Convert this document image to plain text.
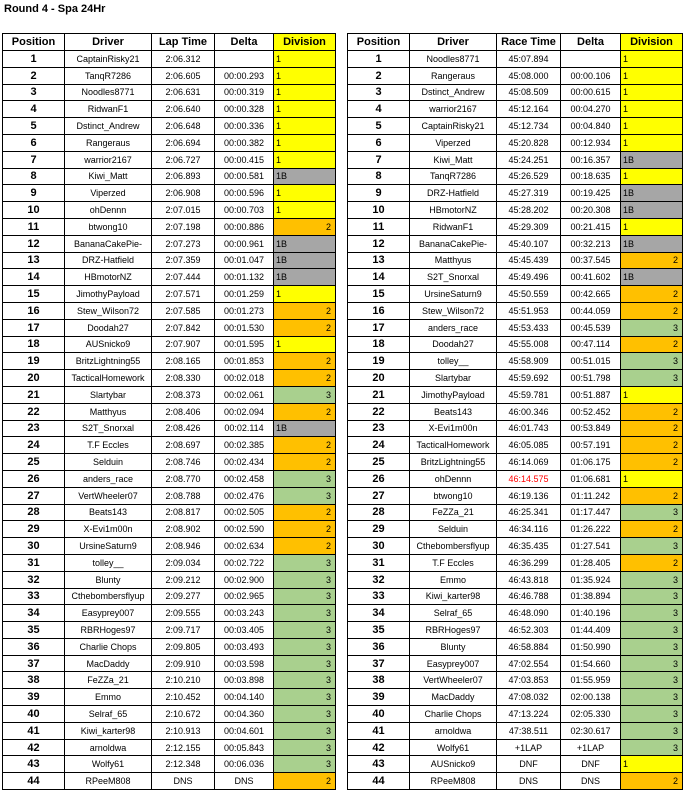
Round 4 - Spa 24Hr
Position	Driver	Lap Time	Delta	Division
1	CaptainRisky21	2:06.312		1
2	TanqR7286	2:06.605	00:00.293	1
3	Noodles8771	2:06.631	00:00.319	1
4	RidwanF1	2:06.640	00:00.328	1
5	Dstinct_Andrew	2:06.648	00:00.336	1
6	Rangeraus	2:06.694	00:00.382	1
7	warrior2167	2:06.727	00:00.415	1
8	Kiwi_Matt	2:06.893	00:00.581	1B
9	Viperzed	2:06.908	00:00.596	1
10	ohDennn	2:07.015	00:00.703	1
11	btwong10	2:07.198	00:00.886	2
12	BananaCakePie-	2:07.273	00:00.961	1B
13	DRZ-Hatfield	2:07.359	00:01.047	1B
14	HBmotorNZ	2:07.444	00:01.132	1B
15	JimothyPayload	2:07.571	00:01.259	1
16	Stew_Wilson72	2:07.585	00:01.273	2
17	Doodah27	2:07.842	00:01.530	2
18	AUSnicko9	2:07.907	00:01.595	1
19	BritzLightning55	2:08.165	00:01.853	2
20	TacticalHomework	2:08.330	00:02.018	2
21	Slartybar	2:08.373	00:02.061	3
22	Matthyus	2:08.406	00:02.094	2
23	S2T_Snorxal	2:08.426	00:02.114	1B
24	T.F Eccles	2:08.697	00:02.385	2
25	Selduin	2:08.746	00:02.434	2
26	anders_race	2:08.770	00:02.458	3
27	VertWheeler07	2:08.788	00:02.476	3
28	Beats143	2:08.817	00:02.505	2
29	X-Evi1m00n	2:08.902	00:02.590	2
30	UrsineSaturn9	2:08.946	00:02.634	2
31	tolley__	2:09.034	00:02.722	3
32	Blunty	2:09.212	00:02.900	3
33	Cthebombersflyup	2:09.277	00:02.965	3
34	Easyprey007	2:09.555	00:03.243	3
35	RBRHoges97	2:09.717	00:03.405	3
36	Charlie Chops	2:09.805	00:03.493	3
37	MacDaddy	2:09.910	00:03.598	3
38	FeZZa_21	2:10.210	00:03.898	3
39	Emmo	2:10.452	00:04.140	3
40	Selraf_65	2:10.672	00:04.360	3
41	Kiwi_karter98	2:10.913	00:04.601	3
42	arnoldwa	2:12.155	00:05.843	3
43	Wolfy61	2:12.348	00:06.036	3
44	RPeeM808	DNS	DNS	2
Position	Driver	Race Time	Delta	Division
1	Noodles8771	45:07.894		1
2	Rangeraus	45:08.000	00:00.106	1
3	Dstinct_Andrew	45:08.509	00:00.615	1
4	warrior2167	45:12.164	00:04.270	1
5	CaptainRisky21	45:12.734	00:04.840	1
6	Viperzed	45:20.828	00:12.934	1
7	Kiwi_Matt	45:24.251	00:16.357	1B
8	TanqR7286	45:26.529	00:18.635	1
9	DRZ-Hatfield	45:27.319	00:19.425	1B
10	HBmotorNZ	45:28.202	00:20.308	1B
11	RidwanF1	45:29.309	00:21.415	1
12	BananaCakePie-	45:40.107	00:32.213	1B
13	Matthyus	45:45.439	00:37.545	2
14	S2T_Snorxal	45:49.496	00:41.602	1B
15	UrsineSaturn9	45:50.559	00:42.665	2
16	Stew_Wilson72	45:51.953	00:44.059	2
17	anders_race	45:53.433	00:45.539	3
18	Doodah27	45:55.008	00:47.114	2
19	tolley__	45:58.909	00:51.015	3
20	Slartybar	45:59.692	00:51.798	3
21	JimothyPayload	45:59.781	00:51.887	1
22	Beats143	46:00.346	00:52.452	2
23	X-Evi1m00n	46:01.743	00:53.849	2
24	TacticalHomework	46:05.085	00:57.191	2
25	BritzLightning55	46:14.069	01:06.175	2
26	ohDennn	46:14.575	01:06.681	1
27	btwong10	46:19.136	01:11.242	2
28	FeZZa_21	46:25.341	01:17.447	3
29	Selduin	46:34.116	01:26.222	2
30	Cthebombersflyup	46:35.435	01:27.541	3
31	T.F Eccles	46:36.299	01:28.405	2
32	Emmo	46:43.818	01:35.924	3
33	Kiwi_karter98	46:46.788	01:38.894	3
34	Selraf_65	46:48.090	01:40.196	3
35	RBRHoges97	46:52.303	01:44.409	3
36	Blunty	46:58.884	01:50.990	3
37	Easyprey007	47:02.554	01:54.660	3
38	VertWheeler07	47:03.853	01:55.959	3
39	MacDaddy	47:08.032	02:00.138	3
40	Charlie Chops	47:13.224	02:05.330	3
41	arnoldwa	47:38.511	02:30.617	3
42	Wolfy61	+1LAP	+1LAP	3
43	AUSnicko9	DNF	DNF	1
44	RPeeM808	DNS	DNS	2
